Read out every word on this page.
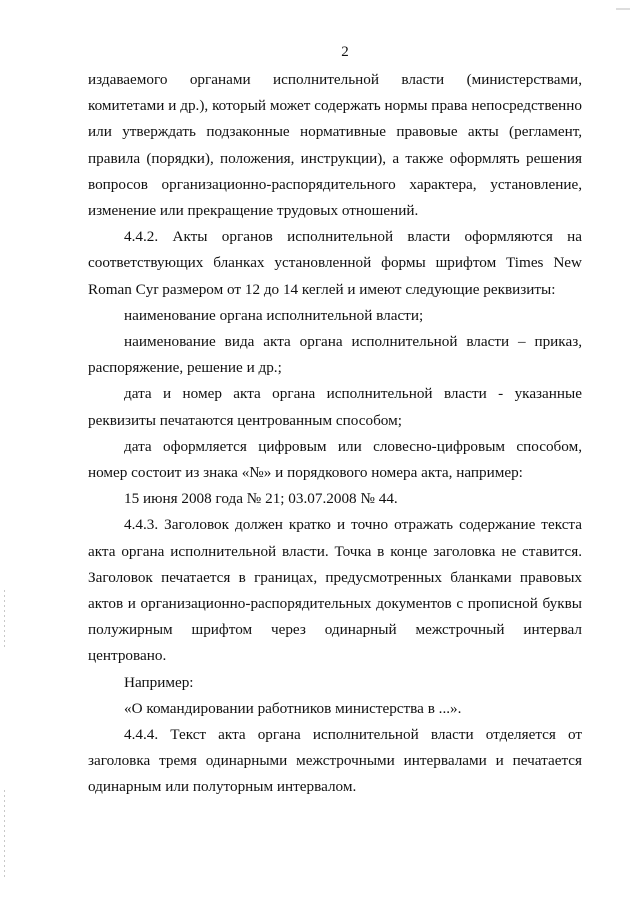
2

издаваемого органами исполнительной власти (министерствами, комитетами и др.), который может содержать нормы права непосредственно или утверждать подзаконные нормативные правовые акты (регламент, правила (порядки), положения, инструкции), а также оформлять решения вопросов организационно-распорядительного характера, установление, изменение или прекращение трудовых отношений.

4.4.2. Акты органов исполнительной власти оформляются на соответствующих бланках установленной формы шрифтом Times New Roman Cyr размером от 12 до 14 кеглей и имеют следующие реквизиты:

наименование органа исполнительной власти;

наименование вида акта органа исполнительной власти – приказ, распоряжение, решение и др.;

дата и номер акта органа исполнительной власти - указанные реквизиты печатаются центрованным способом;

дата оформляется цифровым или словесно-цифровым способом, номер состоит из знака «№» и порядкового номера акта, например:

15 июня 2008 года № 21; 03.07.2008 № 44.

4.4.3. Заголовок должен кратко и точно отражать содержание текста акта органа исполнительной власти. Точка в конце заголовка не ставится. Заголовок печатается в границах, предусмотренных бланками правовых актов и организационно-распорядительных документов с прописной буквы полужирным шрифтом через одинарный межстрочный интервал центровано.

Например:

«О командировании работников министерства в ...».

4.4.4. Текст акта органа исполнительной власти отделяется от заголовка тремя одинарными межстрочными интервалами и печатается одинарным или полуторным интервалом.
